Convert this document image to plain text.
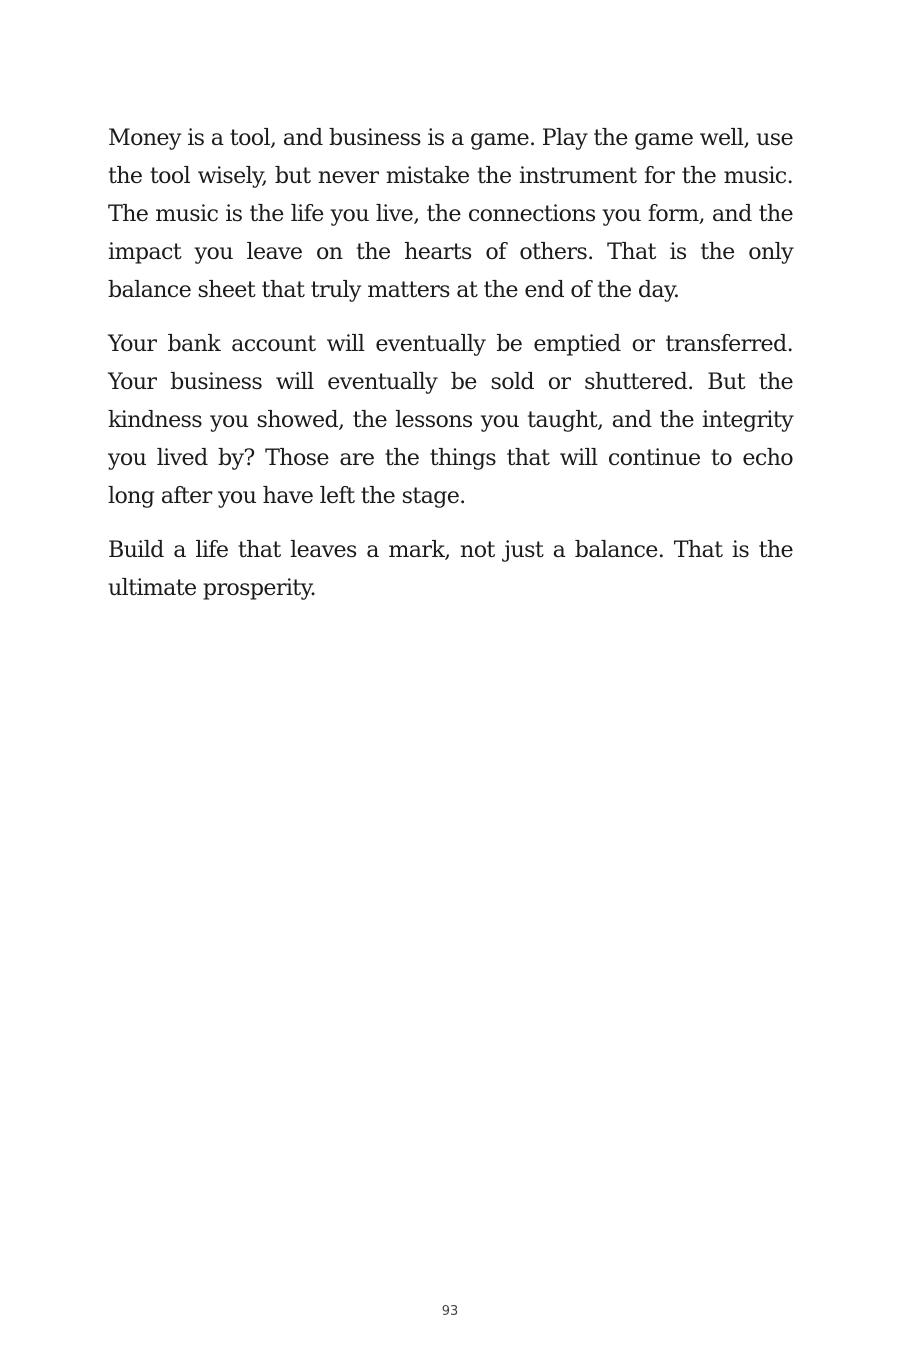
Money is a tool, and business is a game. Play the game well, use the tool wisely, but never mistake the instrument for the music. The music is the life you live, the connections you form, and the impact you leave on the hearts of others. That is the only balance sheet that truly matters at the end of the day.

Your bank account will eventually be emptied or transferred. Your business will eventually be sold or shuttered. But the kindness you showed, the lessons you taught, and the integrity you lived by? Those are the things that will continue to echo long after you have left the stage.

Build a life that leaves a mark, not just a balance. That is the ultimate prosperity.

93
